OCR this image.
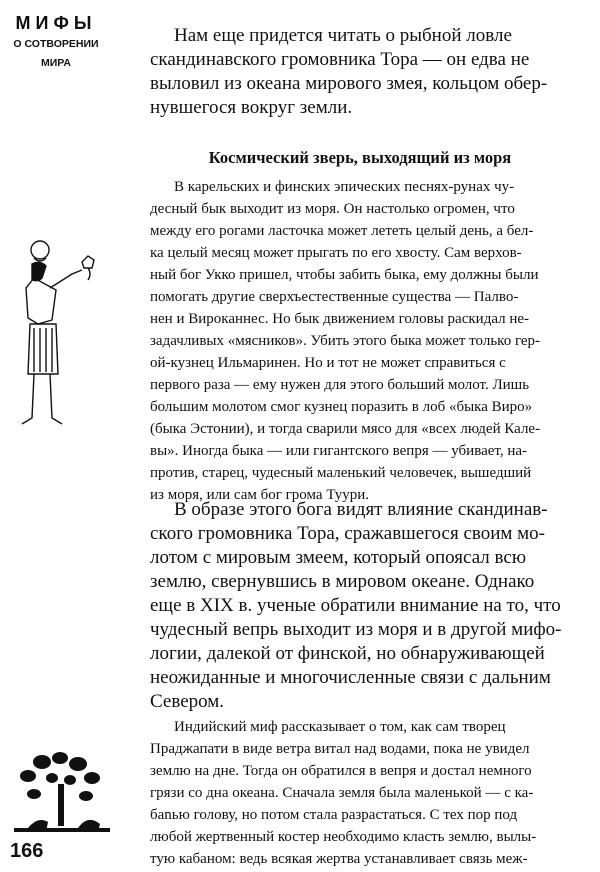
МИФЫ
О СОТВОРЕНИИ
МИРА

Нам еще придется читать о рыбной ловле

скандинавского громовника Тора — он едва не

выловил из океана мирового змея, кольцом обер-

нувшегося вокруг земли.

Космический зверь, выходящий из моря

В карельских и финских эпических песнях-рунах чу-

десный бык выходит из моря. Он настолько огромен, что

между его рогами ласточка может лететь целый день, а бел-

ка целый месяц может прыгать по его хвосту. Сам верхов-

ный бог Укко пришел, чтобы забить быка, ему должны были

помогать другие сверхъестественные существа — Палво-

нен и Вироканнес. Но бык движением головы раскидал не-

задачливых «мясников». Убить этого быка может только гер-

ой-кузнец Ильмаринен. Но и тот не может справиться с

первого раза — ему нужен для этого больший молот. Лишь

большим молотом смог кузнец поразить в лоб «быка Виро»

(быка Эстонии), и тогда сварили мясо для «всех людей Кале-

вы». Иногда быка — или гигантского вепря — убивает, на-

против, старец, чудесный маленький человечек, вышедший

из моря, или сам бог грома Туури.

В образе этого бога видят влияние скандинав-

ского громовника Тора, сражавшегося своим мо-

лотом с мировым змеем, который опоясал всю

землю, свернувшись в мировом океане. Однако

еще в XIX в. ученые обратили внимание на то, что

чудесный вепрь выходит из моря и в другой мифо-

логии, далекой от финской, но обнаруживающей

неожиданные и многочисленные связи с дальним

Севером.

Индийский миф рассказывает о том, как сам творец

Праджапати в виде ветра витал над водами, пока не увидел

землю на дне. Тогда он обратился в вепря и достал немного

грязи со дна океана. Сначала земля была маленькой — с ка-

бanью голову, но потом стала разрастаться. С тех пор под

любой жертвенный костер необходимо класть землю, вылы-

тую кабаном: ведь всякая жертва устанавливает связь меж-

166
